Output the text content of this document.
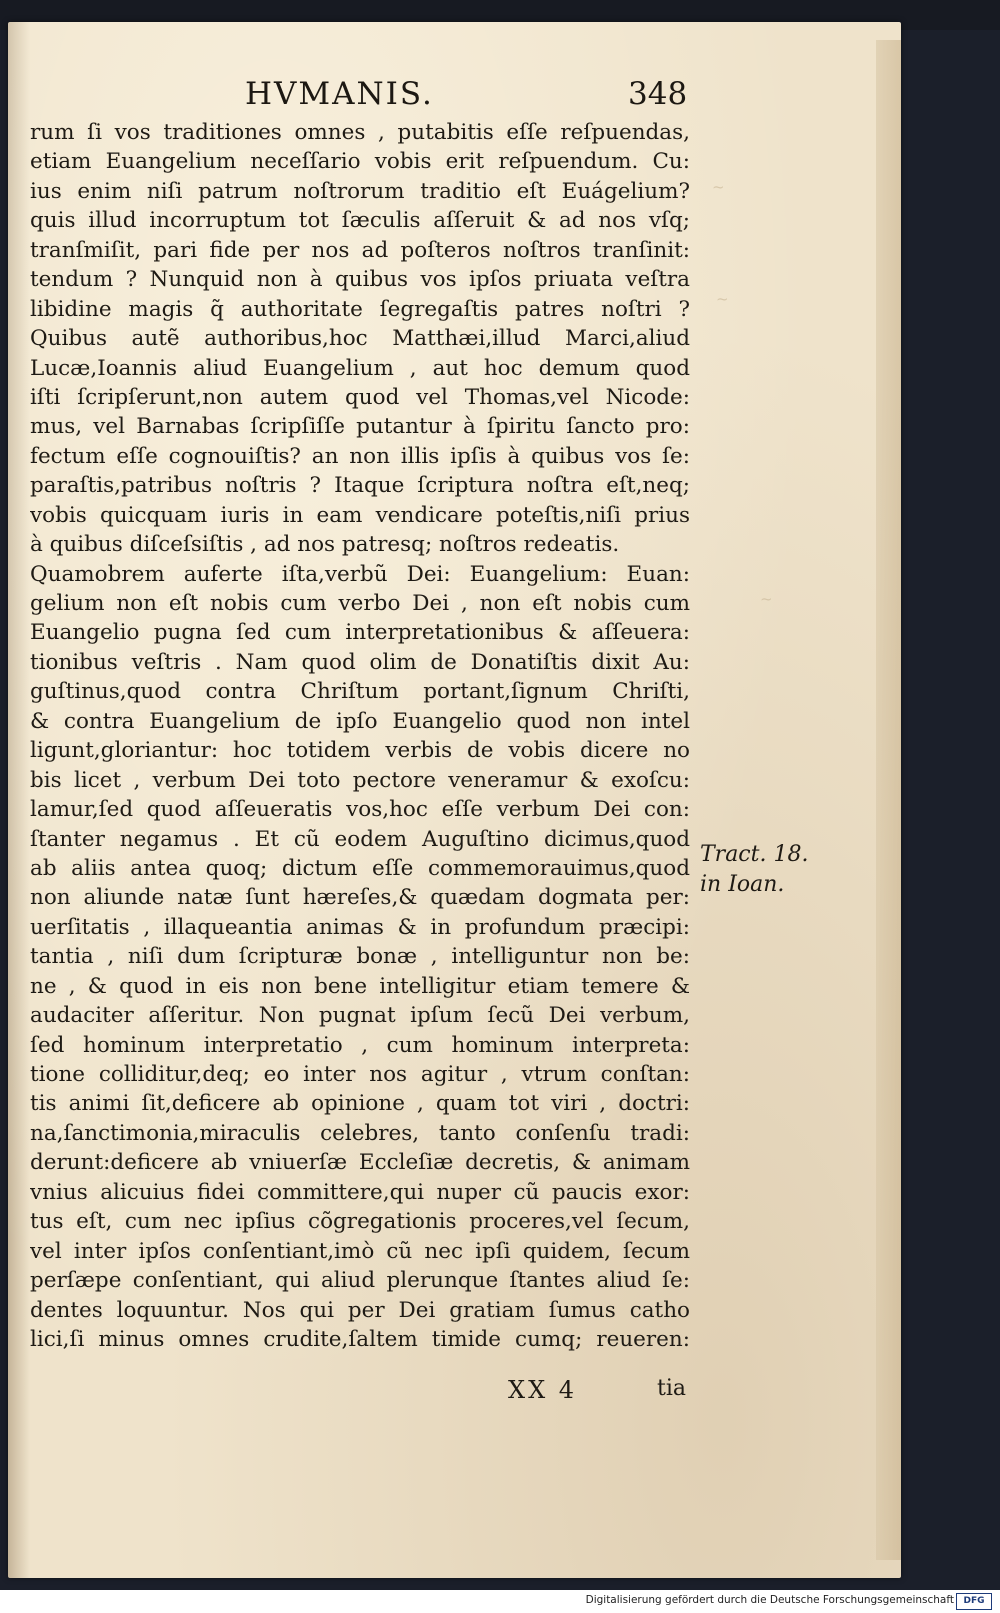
~
~
~
HVMANIS.	348
rum ſi vos traditiones omnes , putabitis eſſe reſpuendas,
etiam Euangelium neceſſario vobis erit reſpuendum. Cu:
ius enim niſi patrum noſtrorum traditio eſt Euágelium?
quis illud incorruptum tot ſæculis aſſeruit & ad nos vſq;
tranſmiſit, pari fide per nos ad poſteros noſtros tranſinit:
tendum ? Nunquid non à quibus vos ipſos priuata veſtra
libidine magis q̃ authoritate ſegregaſtis patres noſtri ?
Quibus autẽ authoribus,hoc Matthæi,illud Marci,aliud
Lucæ,Ioannis aliud Euangelium , aut hoc demum quod
iſti ſcripſerunt,non autem quod vel Thomas,vel Nicode:
mus, vel Barnabas ſcripſiſſe putantur à ſpiritu ſancto pro:
fectum eſſe cognouiſtis? an non illis ipſis à quibus vos ſe:
paraſtis,patribus noſtris ? Itaque ſcriptura noſtra eſt,neq;
vobis quicquam iuris in eam vendicare poteſtis,niſi prius
à quibus diſceſsiſtis , ad nos patresq; noſtros redeatis.
Quamobrem auferte iſta,verbũ Dei: Euangelium: Euan:
gelium non eſt nobis cum verbo Dei , non eſt nobis cum
Euangelio pugna ſed cum interpretationibus & aſſeuera:
tionibus veſtris . Nam quod olim de Donatiſtis dixit Au:
guſtinus,quod contra Chriſtum portant,ſignum Chriſti,
& contra Euangelium de ipſo Euangelio quod non intel
ligunt,gloriantur: hoc totidem verbis de vobis dicere no
bis licet , verbum Dei toto pectore veneramur & exoſcu:
lamur,ſed quod aſſeueratis vos,hoc eſſe verbum Dei con:
ſtanter negamus . Et cũ eodem Auguſtino dicimus,quod
ab aliis antea quoq; dictum eſſe commemorauimus,quod
non aliunde natæ ſunt hæreſes,& quædam dogmata per:
uerſitatis , illaqueantia animas & in profundum præcipi:
tantia , niſi dum ſcripturæ bonæ , intelliguntur non be:
ne , & quod in eis non bene intelligitur etiam temere &
audaciter aſſeritur. Non pugnat ipſum ſecũ Dei verbum,
ſed hominum interpretatio , cum hominum interpreta:
tione colliditur,deq; eo inter nos agitur , vtrum conſtan:
tis animi ſit,deficere ab opinione , quam tot viri , doctri:
na,ſanctimonia,miraculis celebres, tanto conſenſu tradi:
derunt:deficere ab vniuerſæ Eccleſiæ decretis, & animam
vnius alicuius fidei committere,qui nuper cũ paucis exor:
tus eſt, cum nec ipſius cõgregationis proceres,vel ſecum,
vel inter ipſos conſentiant,imò cũ nec ipſi quidem, ſecum
perſæpe conſentiant, qui aliud plerunque ſtantes aliud ſe:
dentes loquuntur. Nos qui per Dei gratiam ſumus catho
lici,ſi minus omnes crudite,ſaltem timide cumq; reueren:
Tract. 18.
in Ioan.
XX 4	tia
Digitalisierung gefördert durch die Deutsche Forschungsgemeinschaft	DFG
